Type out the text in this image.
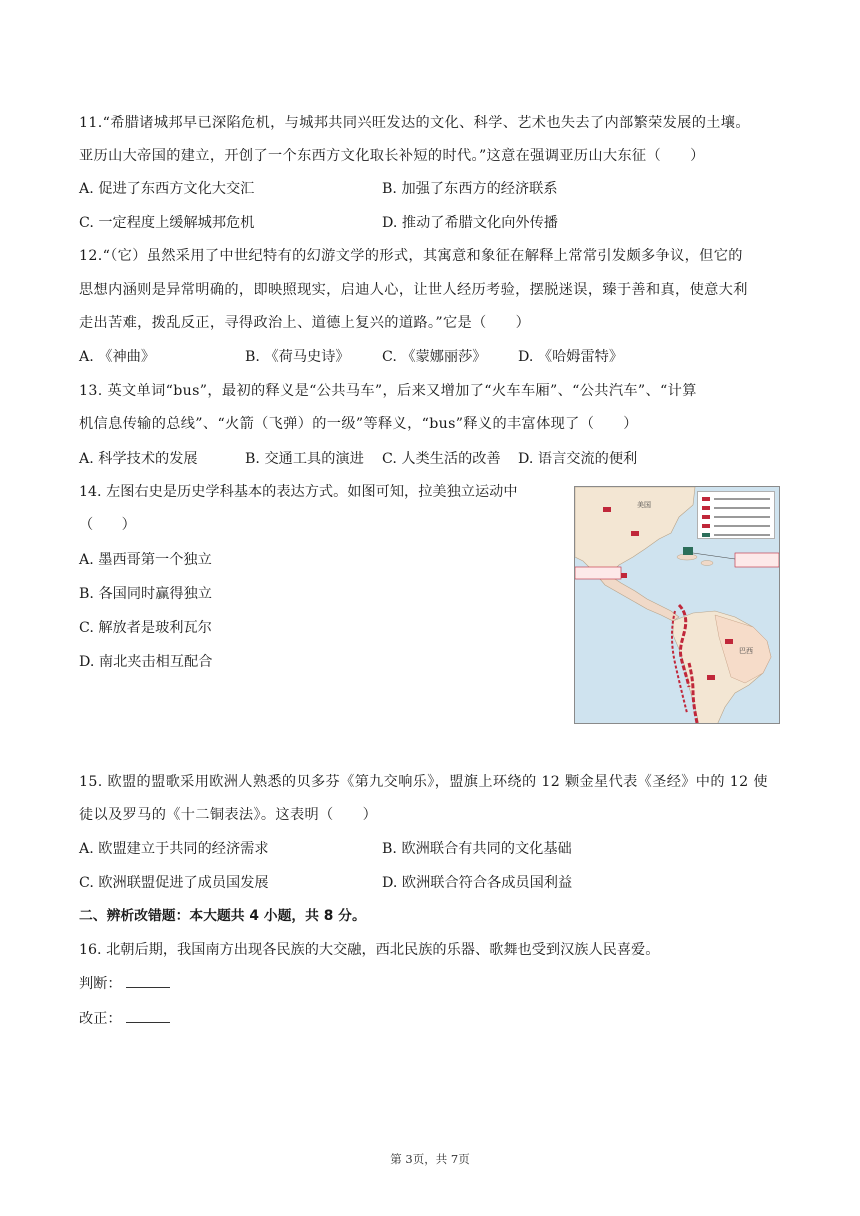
11.“希腊诸城邦早已深陷危机，与城邦共同兴旺发达的文化、科学、艺术也失去了内部繁荣发展的土壤。
亚历山大帝国的建立，开创了一个东西方文化取长补短的时代。”这意在强调亚历山大东征（　　）
A. 促进了东西方文化大交汇	B. 加强了东西方的经济联系
C. 一定程度上缓解城邦危机	D. 推动了希腊文化向外传播
12.“（它）虽然采用了中世纪特有的幻游文学的形式，其寓意和象征在解释上常常引发颇多争议，但它的
思想内涵则是异常明确的，即映照现实，启迪人心，让世人经历考验，摆脱迷误，臻于善和真，使意大利
走出苦难，拨乱反正，寻得政治上、道德上复兴的道路。”它是（　　）
A. 《神曲》	B. 《荷马史诗》 C. 《蒙娜丽莎》 D. 《哈姆雷特》
13. 英文单词“bus”，最初的释义是“公共马车”，后来又增加了“火车车厢”、“公共汽车”、“计算
机信息传输的总线”、“火箭（飞弹）的一级”等释义，“bus”释义的丰富体现了（　　）
A. 科学技术的发展	B. 交通工具的演进 C. 人类生活的改善 D. 语言交流的便利
14. 左图右史是历史学科基本的表达方式。如图可知，拉美独立运动中
（　　）
A. 墨西哥第一个独立
B. 各国同时赢得独立
C. 解放者是玻利瓦尔
D. 南北夹击相互配合
美国
巴西
15. 欧盟的盟歌采用欧洲人熟悉的贝多芬《第九交响乐》，盟旗上环绕的 12 颗金星代表《圣经》中的 12 使
徒以及罗马的《十二铜表法》。这表明（　　）
A. 欧盟建立于共同的经济需求	B. 欧洲联合有共同的文化基础
C. 欧洲联盟促进了成员国发展	D. 欧洲联合符合各成员国利益
二、辨析改错题：本大题共 4 小题，共 8 分。
16. 北朝后期，我国南方出现各民族的大交融，西北民族的乐器、歌舞也受到汉族人民喜爱。
判断：
改正：
第 3页，共 7页
